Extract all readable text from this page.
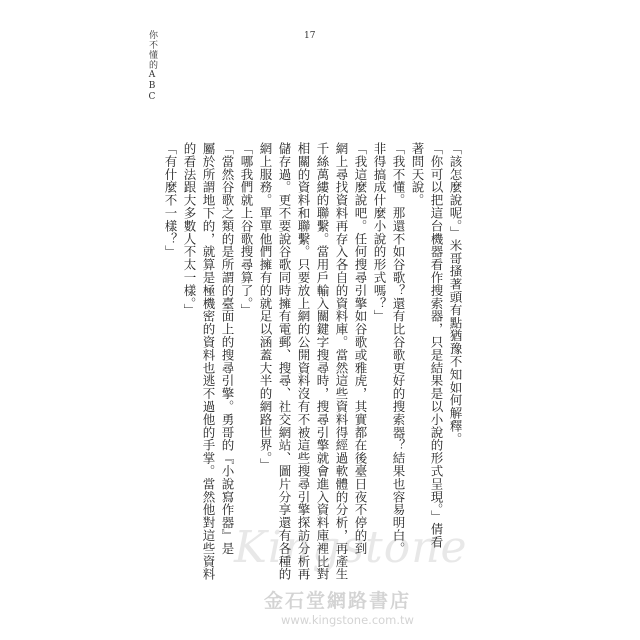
你不懂的ABC	17
「該怎麼說呢。」米哥搔著頭有點猶豫不知如何解釋。
「你可以把這台機器看作搜索器，只是結果是以小說的形式呈現。」倩看
著問天說。
「我不懂。那還不如谷歌？還有比谷歌更好的搜索器？結果也容易明白。
非得搞成什麼小說的形式嗎？」
「我這麼說吧。任何搜尋引擎如谷歌或雅虎，其實都在後臺日夜不停的到
網上尋找資料再存入各自的資料庫。當然這些資料得經過軟體的分析，再產生
千絲萬縷的聯繫。當用戶輸入關鍵字搜尋時，搜尋引擎就會進入資料庫裡比對
相關的資料和聯繫。只要放上網的公開資料沒有不被這些搜尋引擎探訪分析再
儲存過。更不要說谷歌同時擁有電郵、搜尋、社交網站、圖片分享還有各種的
網上服務。單單他們擁有的就足以涵蓋大半的網路世界。」
「哪我們就上谷歌搜尋算了。」
「當然谷歌之類的是所謂的臺面上的搜尋引擎。勇哥的『小說寫作器』是
屬於所謂地下的，就算是極機密的資料也逃不過他的手掌。當然他對這些資料
的看法跟大多數人不太一樣。」
「有什麼不一樣？」
Kingstone
金石堂網路書店
www.kingstone.com.tw
